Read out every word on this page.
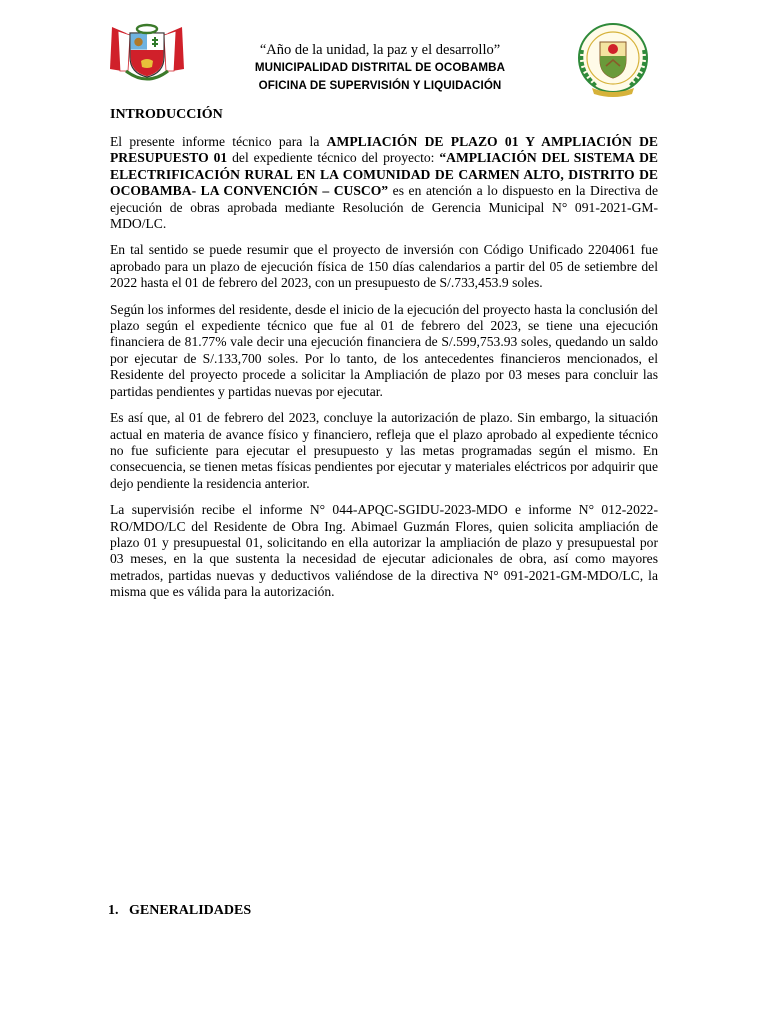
“Año de la unidad, la paz y el desarrollo”
MUNICIPALIDAD DISTRITAL DE OCOBAMBA
OFICINA DE SUPERVISIÓN Y LIQUIDACIÓN
INTRODUCCIÓN

El presente informe técnico para la AMPLIACIÓN DE PLAZO 01 Y AMPLIACIÓN DE PRESUPUESTO 01 del expediente técnico del proyecto: “AMPLIACIÓN DEL SISTEMA DE ELECTRIFICACIÓN RURAL EN LA COMUNIDAD DE CARMEN ALTO, DISTRITO DE OCOBAMBA- LA CONVENCIÓN – CUSCO” es en atención a lo dispuesto en la Directiva de ejecución de obras aprobada mediante Resolución de Gerencia Municipal N° 091-2021-GM-MDO/LC.

En tal sentido se puede resumir que el proyecto de inversión con Código Unificado 2204061 fue aprobado para un plazo de ejecución física de 150 días calendarios a partir del 05 de setiembre del 2022 hasta el 01 de febrero del 2023, con un presupuesto de S/.733,453.9 soles.

Según los informes del residente, desde el inicio de la ejecución del proyecto hasta la conclusión del plazo según el expediente técnico que fue al 01 de febrero del 2023, se tiene una ejecución financiera de 81.77% vale decir una ejecución financiera de S/.599,753.93 soles, quedando un saldo por ejecutar de S/.133,700 soles. Por lo tanto, de los antecedentes financieros mencionados, el Residente del proyecto procede a solicitar la Ampliación de plazo por 03 meses para concluir las partidas pendientes y partidas nuevas por ejecutar.

Es así que, al 01 de febrero del 2023, concluye la autorización de plazo. Sin embargo, la situación actual en materia de avance físico y financiero, refleja que el plazo aprobado al expediente técnico no fue suficiente para ejecutar el presupuesto y las metas programadas según el mismo. En consecuencia, se tienen metas físicas pendientes por ejecutar y materiales eléctricos por adquirir que dejo pendiente la residencia anterior.

La supervisión recibe el informe N° 044-APQC-SGIDU-2023-MDO e informe N° 012-2022-RO/MDO/LC del Residente de Obra Ing. Abimael Guzmán Flores, quien solicita ampliación de plazo 01 y presupuestal 01, solicitando en ella autorizar la ampliación de plazo y presupuestal por 03 meses, en la que sustenta la necesidad de ejecutar adicionales de obra, así como mayores metrados, partidas nuevas y deductivos valiéndose de la directiva N° 091-2021-GM-MDO/LC, la misma que es válida para la autorización.

1. GENERALIDADES
